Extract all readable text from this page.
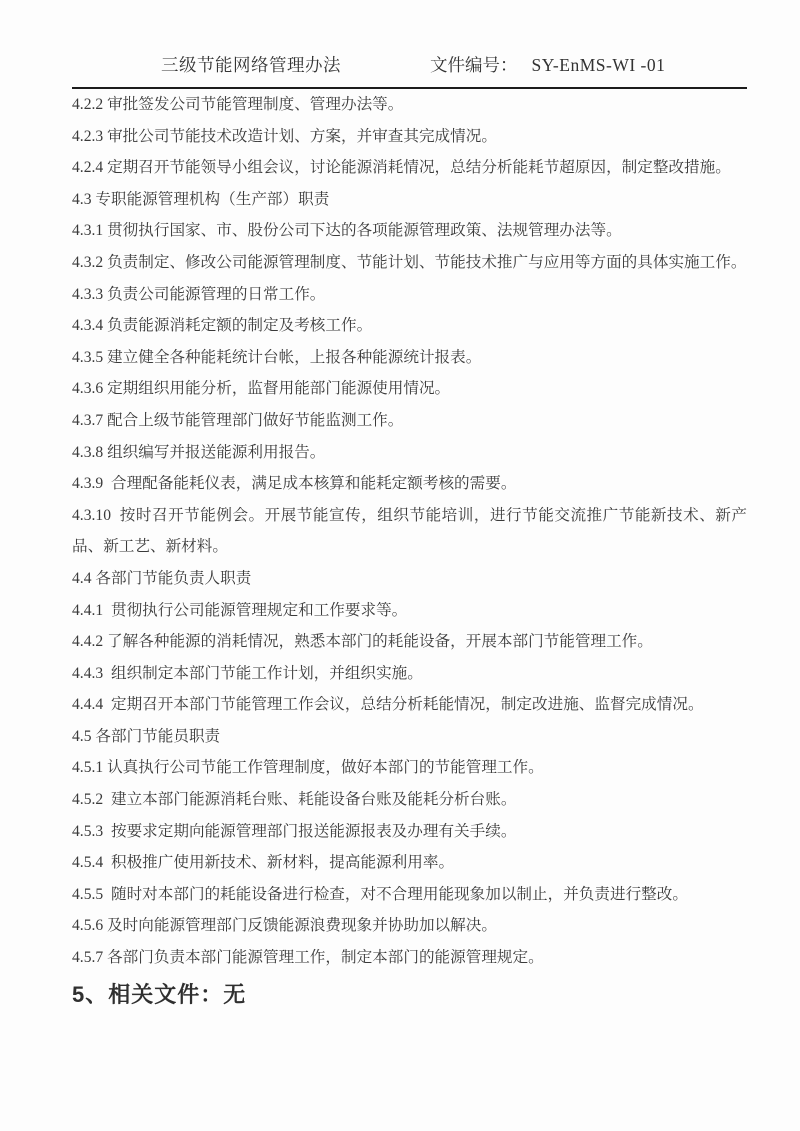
三级节能网络管理办法	文件编号： SY-EnMS-WI -01

4.2.2 审批签发公司节能管理制度、管理办法等。

4.2.3 审批公司节能技术改造计划、方案，并审查其完成情况。

4.2.4 定期召开节能领导小组会议，讨论能源消耗情况，总结分析能耗节超原因，制定整改措施。

4.3 专职能源管理机构（生产部）职责

4.3.1 贯彻执行国家、市、股份公司下达的各项能源管理政策、法规管理办法等。

4.3.2 负责制定、修改公司能源管理制度、节能计划、节能技术推广与应用等方面的具体实施工作。

4.3.3 负责公司能源管理的日常工作。

4.3.4 负责能源消耗定额的制定及考核工作。

4.3.5 建立健全各种能耗统计台帐，上报各种能源统计报表。

4.3.6 定期组织用能分析，监督用能部门能源使用情况。

4.3.7 配合上级节能管理部门做好节能监测工作。

4.3.8 组织编写并报送能源利用报告。

4.3.9  合理配备能耗仪表，满足成本核算和能耗定额考核的需要。

4.3.10  按时召开节能例会。开展节能宣传，组织节能培训，进行节能交流推广节能新技术、新产品、新工艺、新材料。

4.4 各部门节能负责人职责

4.4.1  贯彻执行公司能源管理规定和工作要求等。

4.4.2 了解各种能源的消耗情况，熟悉本部门的耗能设备，开展本部门节能管理工作。

4.4.3  组织制定本部门节能工作计划，并组织实施。

4.4.4  定期召开本部门节能管理工作会议，总结分析耗能情况，制定改进施、监督完成情况。

4.5 各部门节能员职责

4.5.1 认真执行公司节能工作管理制度，做好本部门的节能管理工作。

4.5.2  建立本部门能源消耗台账、耗能设备台账及能耗分析台账。

4.5.3  按要求定期向能源管理部门报送能源报表及办理有关手续。

4.5.4  积极推广使用新技术、新材料，提高能源利用率。

4.5.5  随时对本部门的耗能设备进行检查，对不合理用能现象加以制止，并负责进行整改。

4.5.6 及时向能源管理部门反馈能源浪费现象并协助加以解决。

4.5.7 各部门负责本部门能源管理工作，制定本部门的能源管理规定。

5、相关文件：无
